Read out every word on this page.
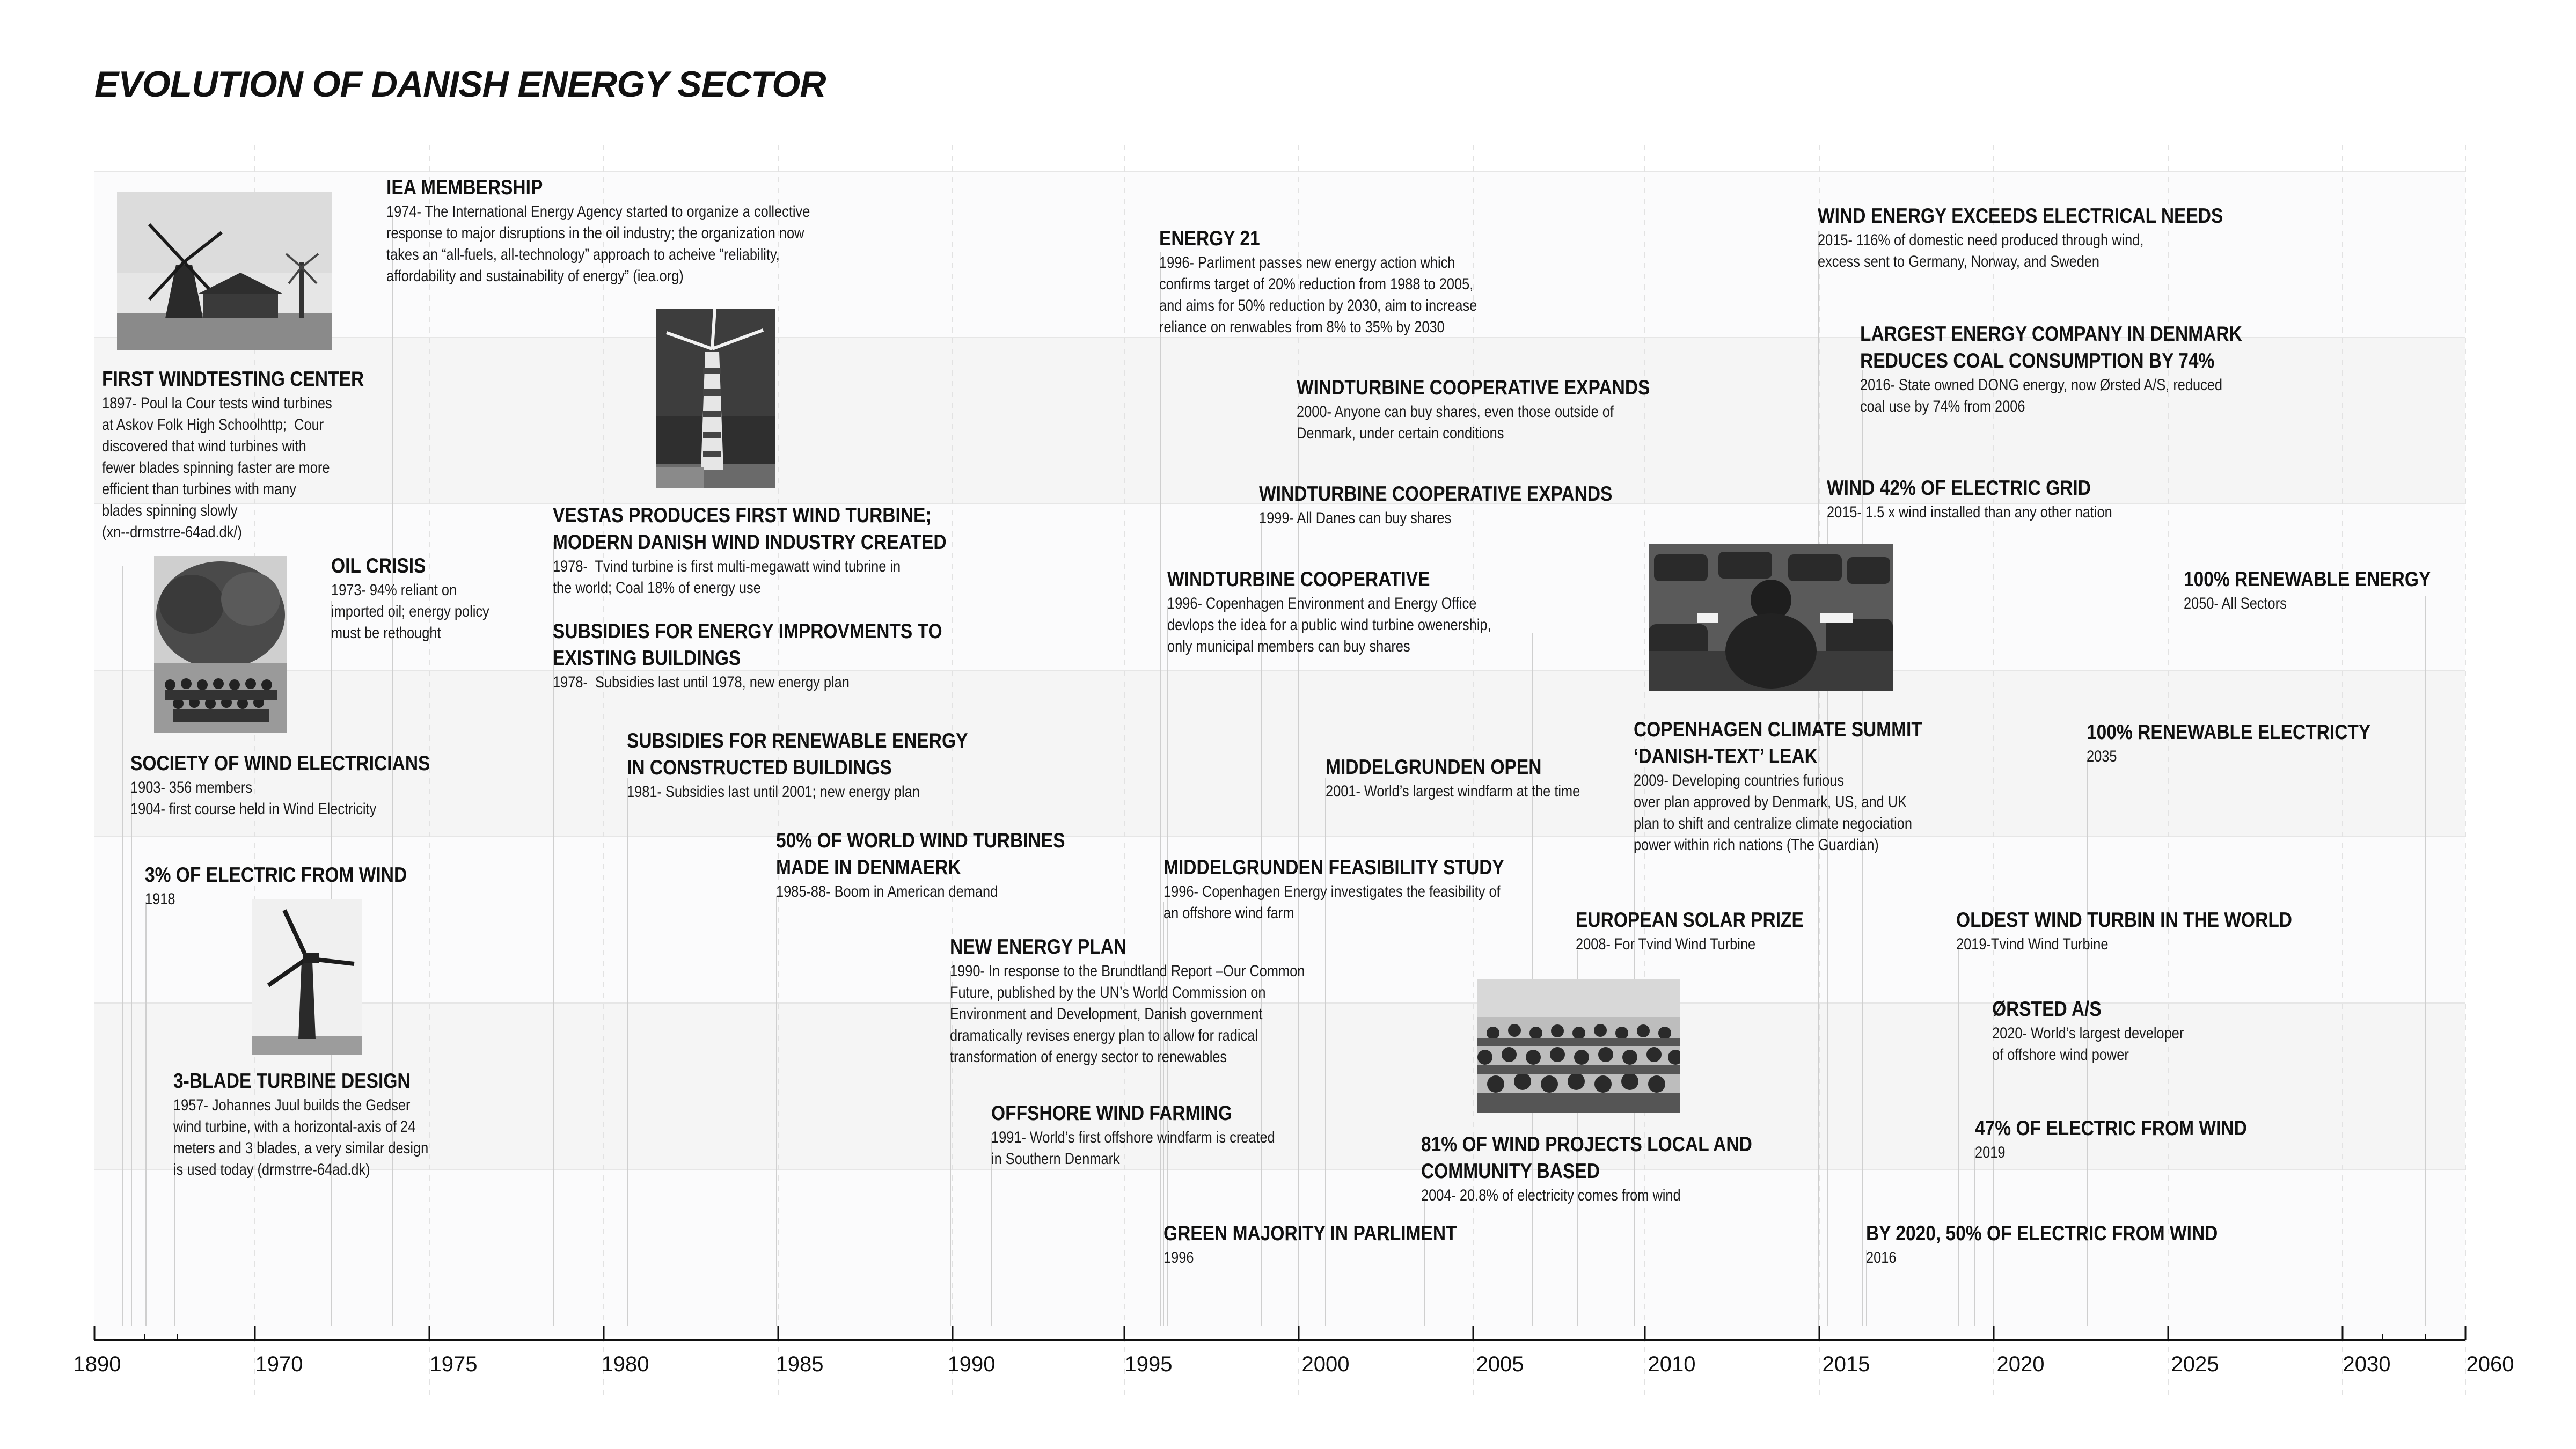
EVOLUTION OF DANISH ENERGY SECTOR
1890	1970	1975	1980	1985	1990	1995	2000	2005	2010	2015	2020	2025	2030	2060
FIRST WINDTESTING CENTER
1897- Poul la Cour tests wind turbines
at Askov Folk High Schoolhttp;  Cour
discovered that wind turbines with
fewer blades spinning faster are more
efficient than turbines with many
blades spinning slowly
(xn--drmstrre-64ad.dk/)
SOCIETY OF WIND ELECTRICIANS
1903- 356 members
1904- first course held in Wind Electricity
3% OF ELECTRIC FROM WIND
1918
3-BLADE TURBINE DESIGN
1957- Johannes Juul builds the Gedser
wind turbine, with a horizontal-axis of 24
meters and 3 blades, a very similar design
is used today (drmstrre-64ad.dk)
OIL CRISIS
1973- 94% reliant on
imported oil; energy policy
must be rethought
IEA MEMBERSHIP
1974- The International Energy Agency started to organize a collective
response to major disruptions in the oil industry; the organization now
takes an “all-fuels, all-technology” approach to acheive “reliability,
affordability and sustainability of energy” (iea.org)
VESTAS PRODUCES FIRST WIND TURBINE;
MODERN DANISH WIND INDUSTRY CREATED
1978-  Tvind turbine is first multi-megawatt wind tubrine in
the world; Coal 18% of energy use
SUBSIDIES FOR ENERGY IMPROVMENTS TO
EXISTING BUILDINGS
1978-  Subsidies last until 1978, new energy plan
SUBSIDIES FOR RENEWABLE ENERGY
IN CONSTRUCTED BUILDINGS
1981- Subsidies last until 2001; new energy plan
50% OF WORLD WIND TURBINES
MADE IN DENMAERK
1985-88- Boom in American demand
NEW ENERGY PLAN
1990- In response to the Brundtland Report –Our Common
Future, published by the UN’s World Commission on
Environment and Development, Danish government
dramatically revises energy plan to allow for radical
transformation of energy sector to renewables
OFFSHORE WIND FARMING
1991- World’s first offshore windfarm is created
in Southern Denmark
ENERGY 21
1996- Parliment passes new energy action which
confirms target of 20% reduction from 1988 to 2005,
and aims for 50% reduction by 2030, aim to increase
reliance on renwables from 8% to 35% by 2030
WINDTURBINE COOPERATIVE
1996- Copenhagen Environment and Energy Office
devlops the idea for a public wind turbine owenership,
only municipal members can buy shares
MIDDELGRUNDEN FEASIBILITY STUDY
1996- Copenhagen Energy investigates the feasibility of
an offshore wind farm
GREEN MAJORITY IN PARLIMENT
1996
WINDTURBINE COOPERATIVE EXPANDS
1999- All Danes can buy shares
WINDTURBINE COOPERATIVE EXPANDS
2000- Anyone can buy shares, even those outside of
Denmark, under certain conditions
MIDDELGRUNDEN OPEN
2001- World’s largest windfarm at the time
81% OF WIND PROJECTS LOCAL AND
COMMUNITY BASED
2004- 20.8% of electricity comes from wind
EUROPEAN SOLAR PRIZE
2008- For Tvind Wind Turbine
COPENHAGEN CLIMATE SUMMIT
‘DANISH-TEXT’ LEAK
2009- Developing countries furious
over plan approved by Denmark, US, and UK
plan to shift and centralize climate negociation
power within rich nations (The Guardian)
WIND ENERGY EXCEEDS ELECTRICAL NEEDS
2015- 116% of domestic need produced through wind,
excess sent to Germany, Norway, and Sweden
LARGEST ENERGY COMPANY IN DENMARK
REDUCES COAL CONSUMPTION BY 74%
2016- State owned DONG energy, now Ørsted A/S, reduced
coal use by 74% from 2006
WIND 42% OF ELECTRIC GRID
2015- 1.5 x wind installed than any other nation
BY 2020, 50% OF ELECTRIC FROM WIND
2016
OLDEST WIND TURBIN IN THE WORLD
2019-Tvind Wind Turbine
ØRSTED A/S
2020- World’s largest developer
of offshore wind power
47% OF ELECTRIC FROM WIND
2019
100% RENEWABLE ELECTRICTY
2035
100% RENEWABLE ENERGY
2050- All Sectors
